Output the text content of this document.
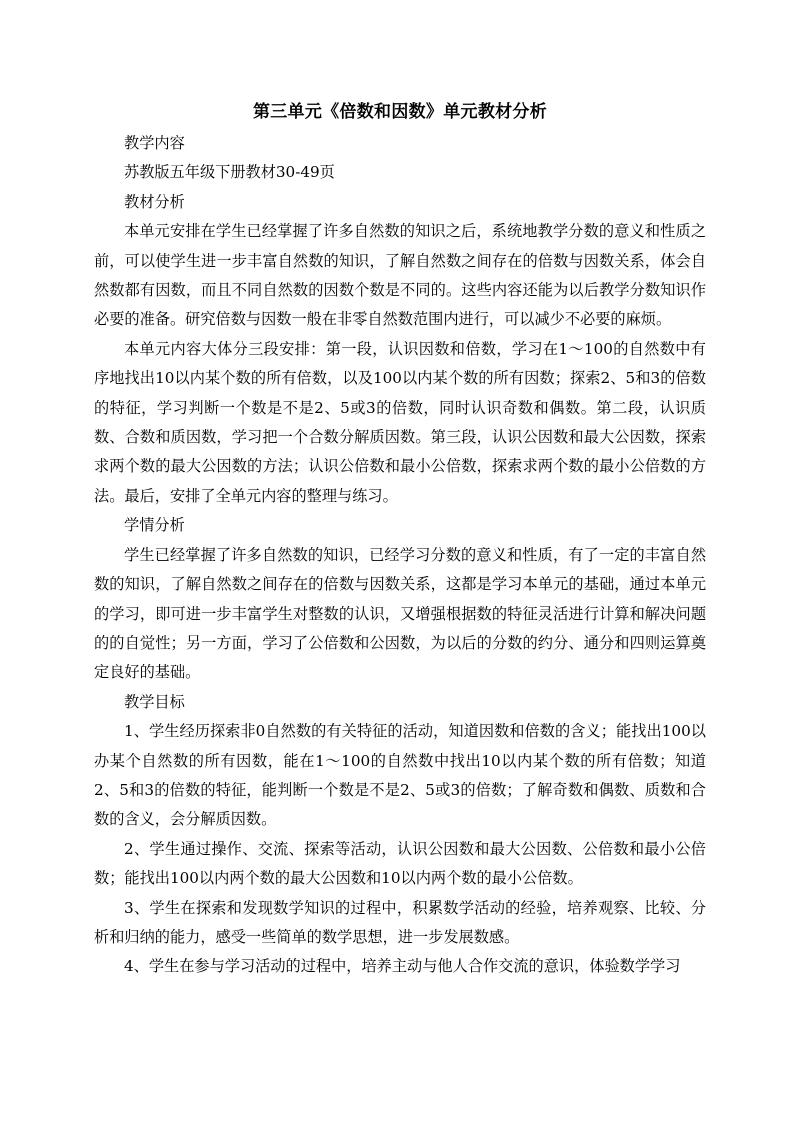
第三单元《倍数和因数》单元教材分析

教学内容

苏教版五年级下册教材30-49页

教材分析

本单元安排在学生已经掌握了许多自然数的知识之后，系统地教学分数的意义和性质之前，可以使学生进一步丰富自然数的知识，了解自然数之间存在的倍数与因数关系，体会自然数都有因数，而且不同自然数的因数个数是不同的。这些内容还能为以后教学分数知识作必要的准备。研究倍数与因数一般在非零自然数范围内进行，可以减少不必要的麻烦。

本单元内容大体分三段安排：第一段，认识因数和倍数，学习在1～100的自然数中有序地找出10以内某个数的所有倍数，以及100以内某个数的所有因数；探索2、5和3的倍数的特征，学习判断一个数是不是2、5或3的倍数，同时认识奇数和偶数。第二段，认识质数、合数和质因数，学习把一个合数分解质因数。第三段，认识公因数和最大公因数，探索求两个数的最大公因数的方法；认识公倍数和最小公倍数，探索求两个数的最小公倍数的方法。最后，安排了全单元内容的整理与练习。

学情分析

学生已经掌握了许多自然数的知识，已经学习分数的意义和性质，有了一定的丰富自然数的知识，了解自然数之间存在的倍数与因数关系，这都是学习本单元的基础，通过本单元的学习，即可进一步丰富学生对整数的认识，又增强根据数的特征灵活进行计算和解决问题的的自觉性；另一方面，学习了公倍数和公因数，为以后的分数的约分、通分和四则运算奠定良好的基础。

教学目标

1、学生经历探索非0自然数的有关特征的活动，知道因数和倍数的含义；能找出100以办某个自然数的所有因数，能在1～100的自然数中找出10以内某个数的所有倍数；知道2、5和3的倍数的特征，能判断一个数是不是2、5或3的倍数；了解奇数和偶数、质数和合数的含义，会分解质因数。

2、学生通过操作、交流、探索等活动，认识公因数和最大公因数、公倍数和最小公倍数；能找出100以内两个数的最大公因数和10以内两个数的最小公倍数。

3、学生在探索和发现数学知识的过程中，积累数学活动的经验，培养观察、比较、分析和归纳的能力，感受一些简单的数学思想，进一步发展数感。

4、学生在参与学习活动的过程中，培养主动与他人合作交流的意识，体验数学学习
